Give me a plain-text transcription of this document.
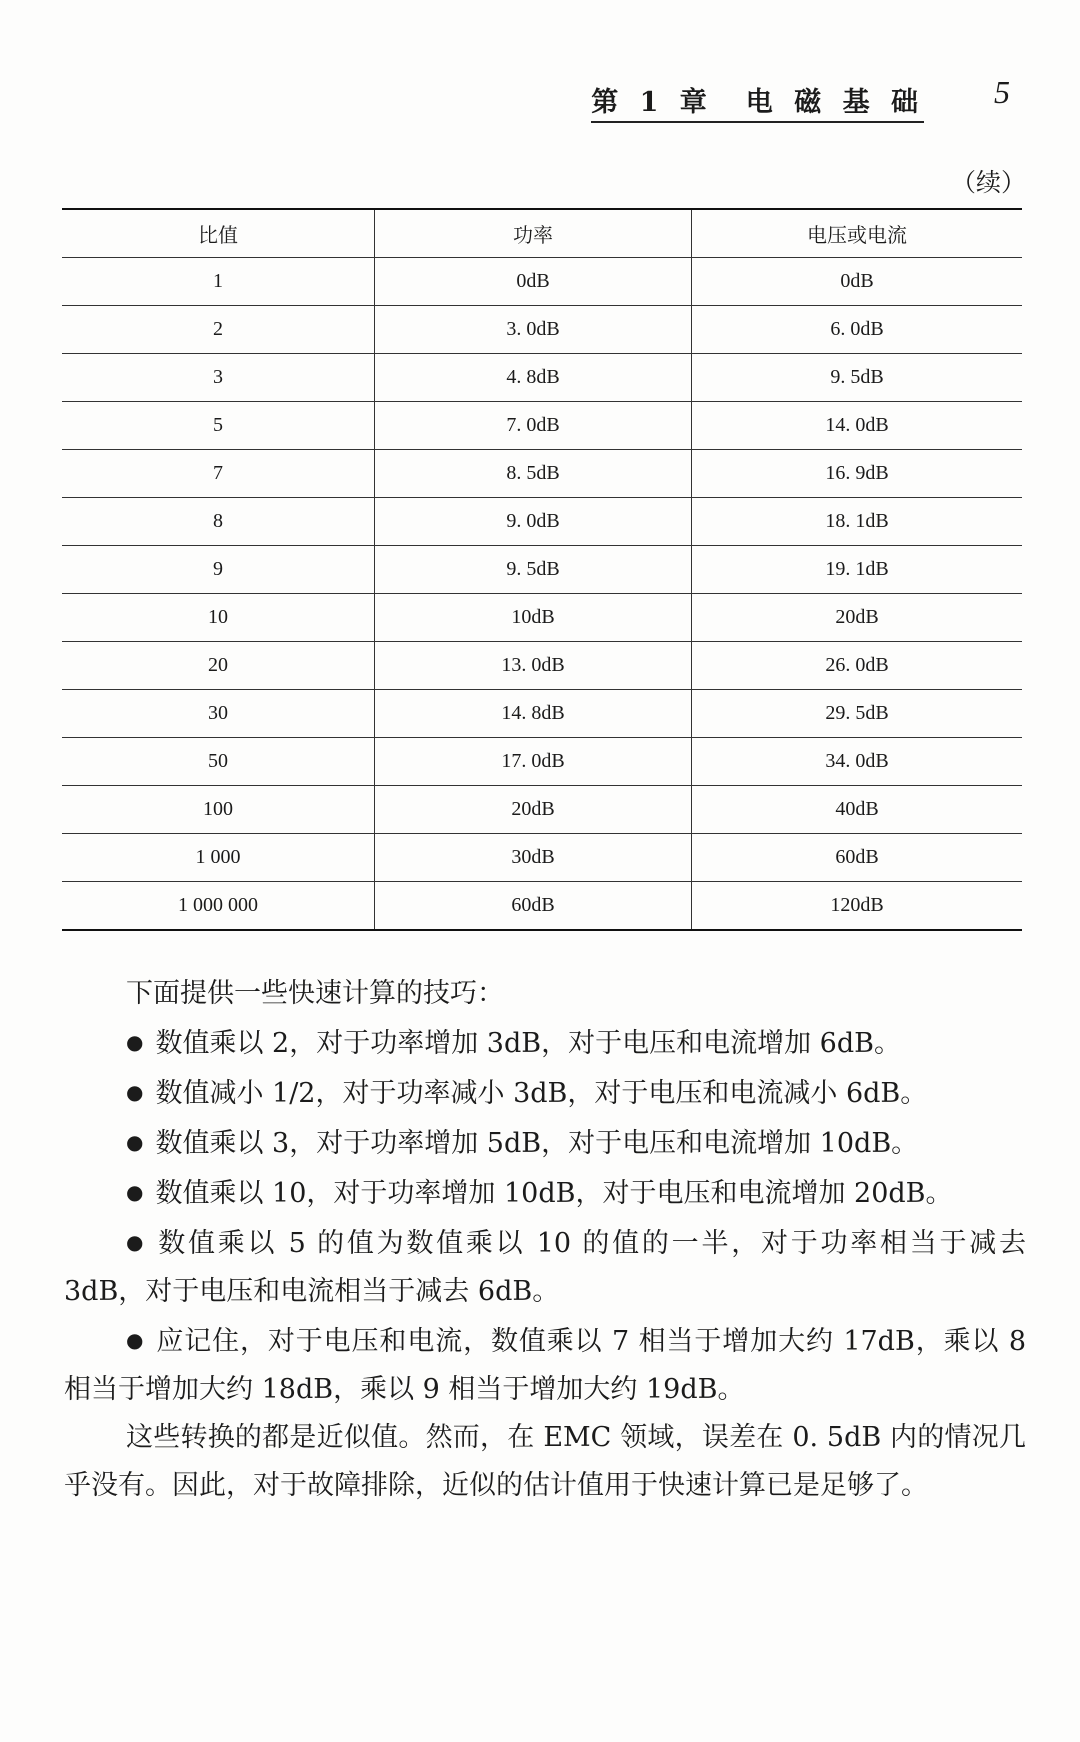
第 1 章　电 磁 基 础 5
（续）
比值	功率	电压或电流
1	0dB	0dB
2	3. 0dB	6. 0dB
3	4. 8dB	9. 5dB
5	7. 0dB	14. 0dB
7	8. 5dB	16. 9dB
8	9. 0dB	18. 1dB
9	9. 5dB	19. 1dB
10	10dB	20dB
20	13. 0dB	26. 0dB
30	14. 8dB	29. 5dB
50	17. 0dB	34. 0dB
100	20dB	40dB
1 000	30dB	60dB
1 000 000	60dB	120dB

下面提供一些快速计算的技巧：

● 数值乘以 2，对于功率增加 3dB，对于电压和电流增加 6dB。

● 数值减小 1/2，对于功率减小 3dB，对于电压和电流减小 6dB。

● 数值乘以 3，对于功率增加 5dB，对于电压和电流增加 10dB。

● 数值乘以 10，对于功率增加 10dB，对于电压和电流增加 20dB。

● 数值乘以 5 的值为数值乘以 10 的值的一半，对于功率相当于减去 3dB，对于电压和电流相当于减去 6dB。

● 应记住，对于电压和电流，数值乘以 7 相当于增加大约 17dB，乘以 8 相当于增加大约 18dB，乘以 9 相当于增加大约 19dB。

这些转换的都是近似值。然而，在 EMC 领域，误差在 0. 5dB 内的情况几乎没有。因此，对于故障排除，近似的估计值用于快速计算已是足够了。
